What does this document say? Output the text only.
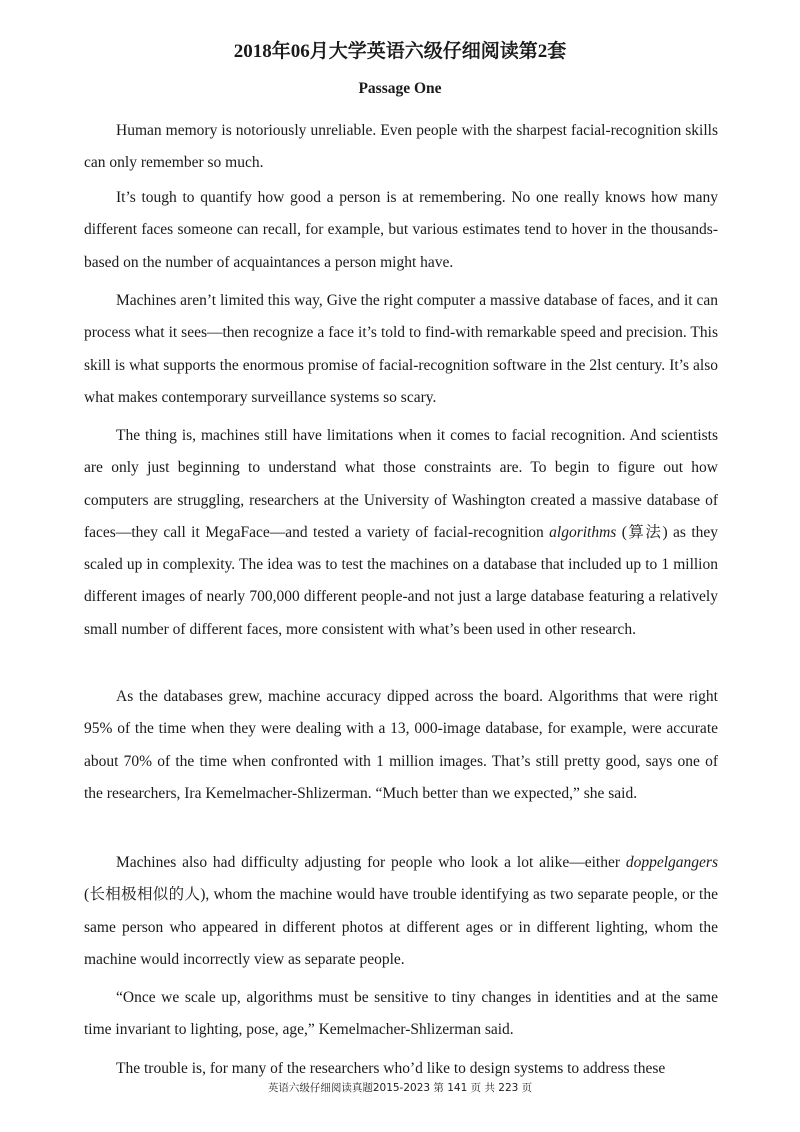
2018年06月大学英语六级仔细阅读第2套
Passage One

Human memory is notoriously unreliable. Even people with the sharpest facial-recognition skills can only remember so much.

It’s tough to quantify how good a person is at remembering. No one really knows how many different faces someone can recall, for example, but various estimates tend to hover in the thousands-based on the number of acquaintances a person might have.

Machines aren’t limited this way, Give the right computer a massive database of faces, and it can process what it sees—then recognize a face it’s told to find-with remarkable speed and precision. This skill is what supports the enormous promise of facial-recognition software in the 2lst century. It’s also what makes contemporary surveillance systems so scary.

The thing is, machines still have limitations when it comes to facial recognition. And scientists are only just beginning to understand what those constraints are. To begin to figure out how computers are struggling, researchers at the University of Washington created a massive database of faces—they call it MegaFace—and tested a variety of facial-recognition algorithms (算法) as they scaled up in complexity. The idea was to test the machines on a database that included up to 1 million different images of nearly 700,000 different people-and not just a large database featuring a relatively small number of different faces, more consistent with what’s been used in other research.

As the databases grew, machine accuracy dipped across the board. Algorithms that were right 95% of the time when they were dealing with a 13, 000-image database, for example, were accurate about 70% of the time when confronted with 1 million images. That’s still pretty good, says one of the researchers, Ira Kemelmacher-Shlizerman. “Much better than we expected,” she said.

Machines also had difficulty adjusting for people who look a lot alike—either doppelgangers (长相极相似的人), whom the machine would have trouble identifying as two separate people, or the same person who appeared in different photos at different ages or in different lighting, whom the machine would incorrectly view as separate people.

“Once we scale up, algorithms must be sensitive to tiny changes in identities and at the same time invariant to lighting, pose, age,” Kemelmacher-Shlizerman said.

The trouble is, for many of the researchers who’d like to design systems to address these

英语六级仔细阅读真题2015-2023 第 141 页 共 223 页
